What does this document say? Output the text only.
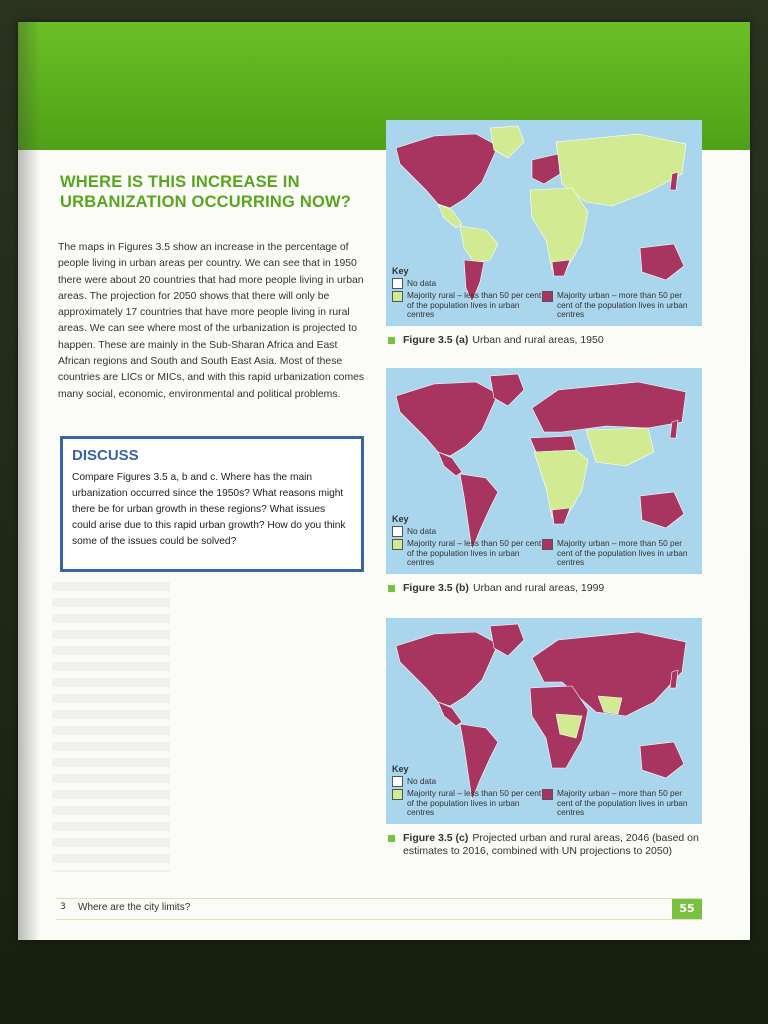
WHERE IS THIS INCREASE IN URBANIZATION OCCURRING NOW?

The maps in Figures 3.5 show an increase in the percentage of people living in urban areas per country. We can see that in 1950 there were about 20 countries that had more people living in urban areas. The projection for 2050 shows that there will only be approximately 17 countries that have more people living in rural areas. We can see where most of the urbanization is projected to happen. These are mainly in the Sub-Sharan Africa and East African regions and South and South East Asia. Most of these countries are LICs or MICs, and with this rapid urbanization comes many social, economic, environmental and political problems.

DISCUSS

Compare Figures 3.5 a, b and c. Where has the main urbanization occurred since the 1950s? What reasons might there be for urban growth in these regions? What issues could arise due to this rapid urban growth? How do you think some of the issues could be solved?

Key
No data
Majority rural – less than 50 per cent of the population lives in urban centres
Majority urban – more than 50 per cent of the population lives in urban centres
Figure 3.5 (a) Urban and rural areas, 1950
Key
No data
Majority rural – less than 50 per cent of the population lives in urban centres
Majority urban – more than 50 per cent of the population lives in urban centres
Figure 3.5 (b) Urban and rural areas, 1999
Key
No data
Majority rural – less than 50 per cent of the population lives in urban centres
Majority urban – more than 50 per cent of the population lives in urban centres
Figure 3.5 (c) Projected urban and rural areas, 2046 (based on estimates to 2016, combined with UN projections to 2050)
3 Where are the city limits?	55
